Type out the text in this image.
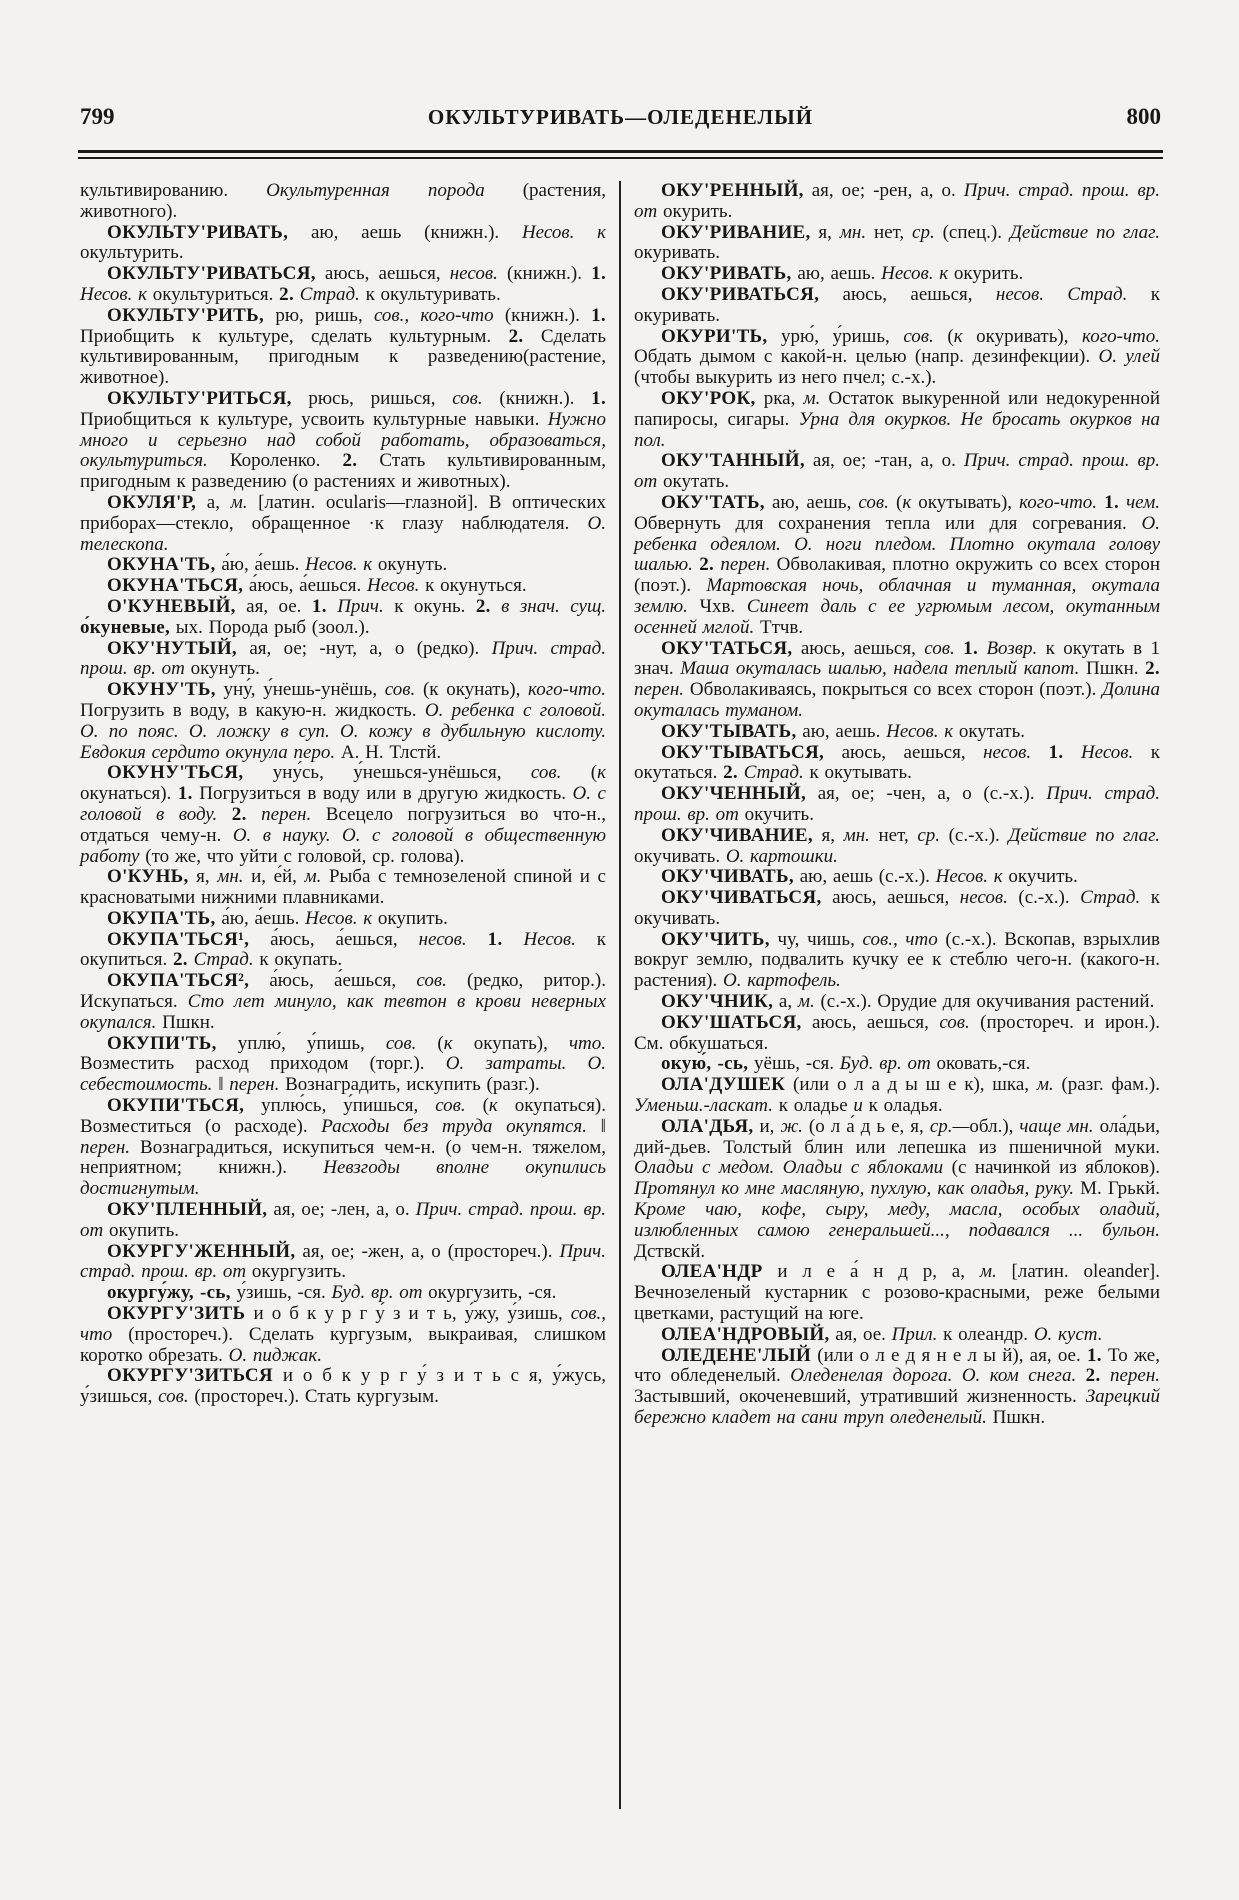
799	ОКУЛЬТУРИВАТЬ—ОЛЕДЕНЕЛЫЙ	800

культивированию. Окультуренная порода (растения, животного).

ОКУЛЬТУ'РИВАТЬ, аю, аешь (книжн.). Несов. к окультурить.

ОКУЛЬТУ'РИВАТЬСЯ, аюсь, аешься, несов. (книжн.). 1. Несов. к окультуриться. 2. Страд. к окультуривать.

ОКУЛЬТУ'РИТЬ, рю, ришь, сов., кого-что (книжн.). 1. Приобщить к культуре, сделать культурным. 2. Сделать культивированным, пригодным к разведению(растение, животное).

ОКУЛЬТУ'РИТЬСЯ, рюсь, ришься, сов. (книжн.). 1. Приобщиться к культуре, усвоить культурные навыки. Нужно много и серьезно над собой работать, образоваться, окультуриться. Короленко. 2. Стать культивированным, пригодным к разведению (о растениях и животных).

ОКУЛЯ'Р, а, м. [латин. ocularis—глазной]. В оптических приборах—стекло, обращенное ·к глазу наблюдателя. О. телескопа.

ОКУНА'ТЬ, а́ю, а́ешь. Несов. к окунуть.

ОКУНА'ТЬСЯ, а́юсь, а́ешься. Несов. к окунуться.

О'КУНЕВЫЙ, ая, ое. 1. Прич. к окунь. 2. в знач. сущ. о́куневые, ых. Порода рыб (зоол.).

ОКУ'НУТЫЙ, ая, ое; -нут, а, о (редко). Прич. страд. прош. вр. от окунуть.

ОКУНУ'ТЬ, уну́, у́нешь-унёшь, сов. (к окунать), кого-что. Погрузить в воду, в какую-н. жидкость. О. ребенка с головой. О. по пояс. О. ложку в суп. О. кожу в дубильную кислоту. Евдокия сердито окунула перо. А. Н. Тлстй.

ОКУНУ'ТЬСЯ, уну́сь, у́нешься-унёшься, сов. (к окунаться). 1. Погрузиться в воду или в другую жидкость. О. с головой в воду. 2. перен. Всецело погрузиться во что-н., отдаться чему-н. О. в науку. О. с головой в общественную работу (то же, что уйти с головой, ср. голова).

О'КУНЬ, я, мн. и, е́й, м. Рыба с темнозеленой спиной и с красноватыми нижними плавниками.

ОКУПА'ТЬ, а́ю, а́ешь. Несов. к окупить.

ОКУПА'ТЬСЯ¹, а́юсь, а́ешься, несов. 1. Несов. к окупиться. 2. Страд. к окупать.

ОКУПА'ТЬСЯ², а́юсь, а́ешься, сов. (редко, ритор.). Искупаться. Сто лет минуло, как тевтон в крови неверных окупался. Пшкн.

ОКУПИ'ТЬ, уплю́, у́пишь, сов. (к окупать), что. Возместить расход приходом (торг.). О. затраты. О. себестоимость. ‖ перен. Вознаградить, искупить (разг.).

ОКУПИ'ТЬСЯ, уплю́сь, у́пишься, сов. (к окупаться). Возместиться (о расходе). Расходы без труда окупятся. ‖ перен. Вознаградиться, искупиться чем-н. (о чем-н. тяжелом, неприятном; книжн.). Невзгоды вполне окупились достигнутым.

ОКУ'ПЛЕННЫЙ, ая, ое; -лен, а, о. Прич. страд. прош. вр. от окупить.

ОКУРГУ'ЖЕННЫЙ, ая, ое; -жен, а, о (простореч.). Прич. страд. прош. вр. от окургузить.

окургу́жу, -сь, у́зишь, -ся. Буд. вр. от окургузить, -ся.

ОКУРГУ'ЗИТЬ и о б к у р г у́ з и т ь, у́жу, у́зишь, сов., что (простореч.). Сделать кургузым, выкраивая, слишком коротко обрезать. О. пиджак.

ОКУРГУ'ЗИТЬСЯ и о б к у р г у́ з и т ь с я, у́жусь, у́зишься, сов. (простореч.). Стать кургузым.

ОКУ'РЕННЫЙ, ая, ое; -рен, а, о. Прич. страд. прош. вр. от окурить.

ОКУ'РИВАНИЕ, я, мн. нет, ср. (спец.). Действие по глаг. окуривать.

ОКУ'РИВАТЬ, аю, аешь. Несов. к окурить.

ОКУ'РИВАТЬСЯ, аюсь, аешься, несов. Страд. к окуривать.

ОКУРИ'ТЬ, урю́, у́ришь, сов. (к окуривать), кого-что. Обдать дымом с какой-н. целью (напр. дезинфекции). О. улей (чтобы выкурить из него пчел; с.-х.).

ОКУ'РОК, рка, м. Остаток выкуренной или недокуренной папиросы, сигары. Урна для окурков. Не бросать окурков на пол.

ОКУ'ТАННЫЙ, ая, ое; -тан, а, о. Прич. страд. прош. вр. от окутать.

ОКУ'ТАТЬ, аю, аешь, сов. (к окутывать), кого-что. 1. чем. Обвернуть для сохранения тепла или для согревания. О. ребенка одеялом. О. ноги пледом. Плотно окутала голову шалью. 2. перен. Обволакивая, плотно окружить со всех сторон (поэт.). Мартовская ночь, облачная и туманная, окутала землю. Чхв. Синеет даль с ее угрюмым лесом, окутанным осенней мглой. Ттчв.

ОКУ'ТАТЬСЯ, аюсь, аешься, сов. 1. Возвр. к окутать в 1 знач. Маша окуталась шалью, надела теплый капот. Пшкн. 2. перен. Обволакиваясь, покрыться со всех сторон (поэт.). Долина окуталась туманом.

ОКУ'ТЫВАТЬ, аю, аешь. Несов. к окутать.

ОКУ'ТЫВАТЬСЯ, аюсь, аешься, несов. 1. Несов. к окутаться. 2. Страд. к окутывать.

ОКУ'ЧЕННЫЙ, ая, ое; -чен, а, о (с.-х.). Прич. страд. прош. вр. от окучить.

ОКУ'ЧИВАНИЕ, я, мн. нет, ср. (с.-х.). Действие по глаг. окучивать. О. картошки.

ОКУ'ЧИВАТЬ, аю, аешь (с.-х.). Несов. к окучить.

ОКУ'ЧИВАТЬСЯ, аюсь, аешься, несов. (с.-х.). Страд. к окучивать.

ОКУ'ЧИТЬ, чу, чишь, сов., что (с.-х.). Вскопав, взрыхлив вокруг землю, подвалить кучку ее к стеблю чего-н. (какого-н. растения). О. картофель.

ОКУ'ЧНИК, а, м. (с.-х.). Орудие для окучивания растений.

ОКУ'ШАТЬСЯ, аюсь, аешься, сов. (простореч. и ирон.). См. обкушаться.

окую́, -сь, уёшь, -ся. Буд. вр. от оковать,-ся.

ОЛА'ДУШЕК (или о л а д ы ш е к), шка, м. (разг. фам.). Уменьш.-ласкат. к оладье и к оладья.

ОЛА'ДЬЯ, и, ж. (о л а́ д ь е, я, ср.—обл.), чаще мн. ола́дьи, дий-дьев. Толстый блин или лепешка из пшеничной муки. Оладьи с медом. Оладьи с яблоками (с начинкой из яблоков). Протянул ко мне масляную, пухлую, как оладья, руку. М. Грькй. Кроме чаю, кофе, сыру, меду, масла, особых оладий, излюбленных самою генеральшей..., подавался ... бульон. Дствскй.

ОЛЕА'НДР и л е а́ н д р, а, м. [латин. oleander]. Вечнозеленый кустарник с розово-красными, реже белыми цветками, растущий на юге.

ОЛЕА'НДРОВЫЙ, ая, ое. Прил. к олеандр. О. куст.

ОЛЕДЕНЕ'ЛЫЙ (или о л е д я н е л ы й), ая, ое. 1. То же, что обледенелый. Оледенелая дорога. О. ком снега. 2. перен. Застывший, окоченевший, утративший жизненность. Зарецкий бережно кладет на сани труп оледенелый. Пшкн.
